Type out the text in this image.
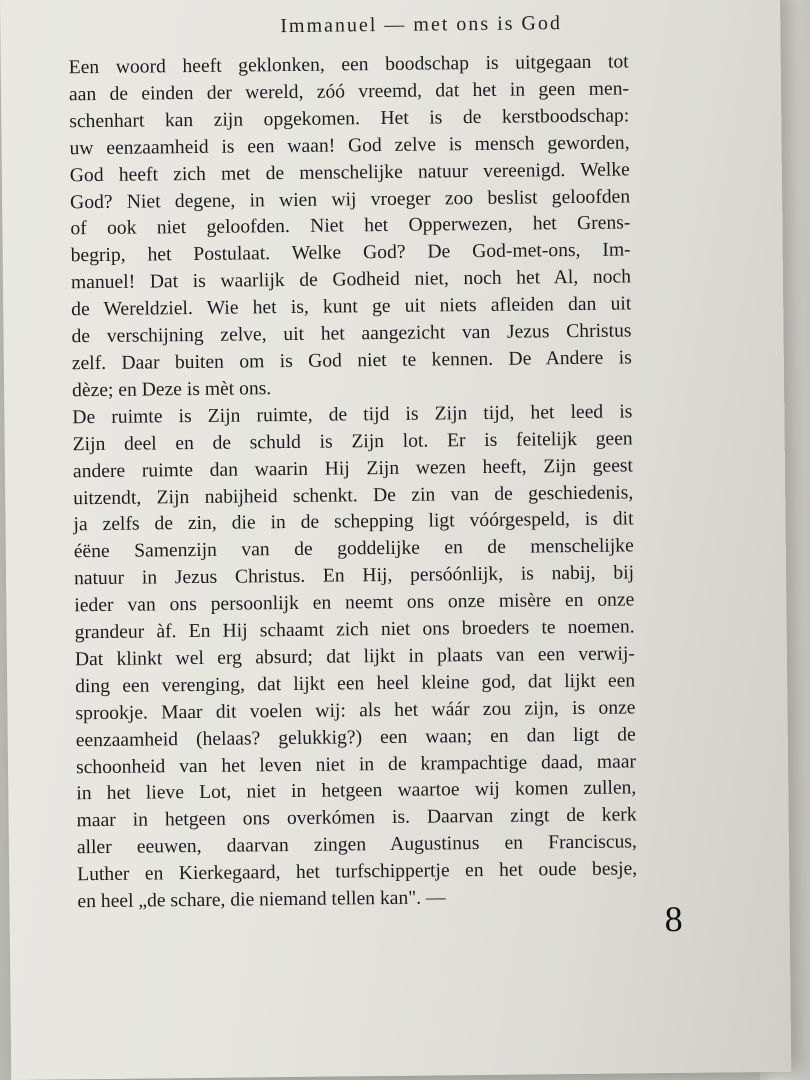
Immanuel — met ons is God
Een woord heeft geklonken, een boodschap is uitgegaan tot
aan de einden der wereld, zóó vreemd, dat het in geen men-
schenhart kan zijn opgekomen. Het is de kerstboodschap:
uw eenzaamheid is een waan! God zelve is mensch geworden,
God heeft zich met de menschelijke natuur vereenigd. Welke
God? Niet degene, in wien wij vroeger zoo beslist geloofden
of ook niet geloofden. Niet het Opperwezen, het Grens-
begrip, het Postulaat. Welke God? De God-met-ons, Im-
manuel! Dat is waarlijk de Godheid niet, noch het Al, noch
de Wereldziel. Wie het is, kunt ge uit niets afleiden dan uit
de verschijning zelve, uit het aangezicht van Jezus Christus
zelf. Daar buiten om is God niet te kennen. De Andere is
dèze; en Deze is mèt ons.
De ruimte is Zijn ruimte, de tijd is Zijn tijd, het leed is
Zijn deel en de schuld is Zijn lot. Er is feitelijk geen
andere ruimte dan waarin Hij Zijn wezen heeft, Zijn geest
uitzendt, Zijn nabijheid schenkt. De zin van de geschiedenis,
ja zelfs de zin, die in de schepping ligt vóórgespeld, is dit
éëne Samenzijn van de goddelijke en de menschelijke
natuur in Jezus Christus. En Hij, persóónlijk, is nabij, bij
ieder van ons persoonlijk en neemt ons onze misère en onze
grandeur àf. En Hij schaamt zich niet ons broeders te noemen.
Dat klinkt wel erg absurd; dat lijkt in plaats van een verwij-
ding een verenging, dat lijkt een heel kleine god, dat lijkt een
sprookje. Maar dit voelen wij: als het wáár zou zijn, is onze
eenzaamheid (helaas? gelukkig?) een waan; en dan ligt de
schoonheid van het leven niet in de krampachtige daad, maar
in het lieve Lot, niet in hetgeen waartoe wij komen zullen,
maar in hetgeen ons overkómen is. Daarvan zingt de kerk
aller eeuwen, daarvan zingen Augustinus en Franciscus,
Luther en Kierkegaard, het turfschippertje en het oude besje,
en heel „de schare, die niemand tellen kan". —	8
